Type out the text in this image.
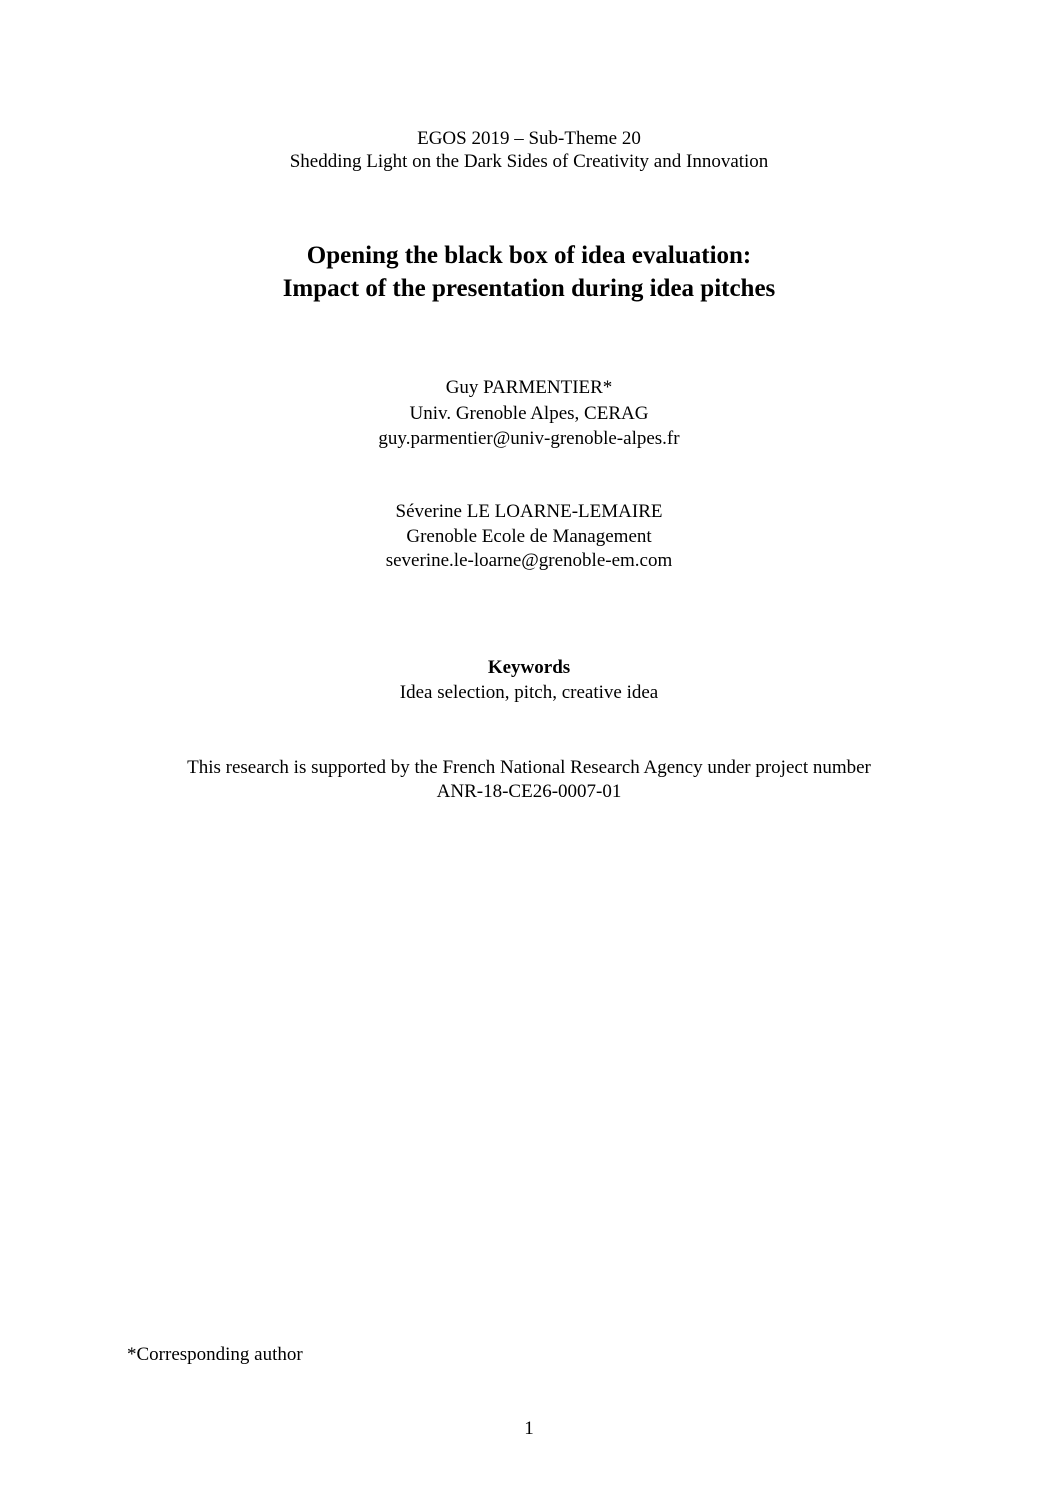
EGOS 2019 – Sub-Theme 20
Shedding Light on the Dark Sides of Creativity and Innovation
Opening the black box of idea evaluation:
Impact of the presentation during idea pitches
Guy PARMENTIER*
Univ. Grenoble Alpes, CERAG
guy.parmentier@univ-grenoble-alpes.fr
Séverine LE LOARNE-LEMAIRE
Grenoble Ecole de Management
severine.le-loarne@grenoble-em.com
Keywords
Idea selection, pitch, creative idea
This research is supported by the French National Research Agency under project number
ANR-18-CE26-0007-01
*Corresponding author
1
